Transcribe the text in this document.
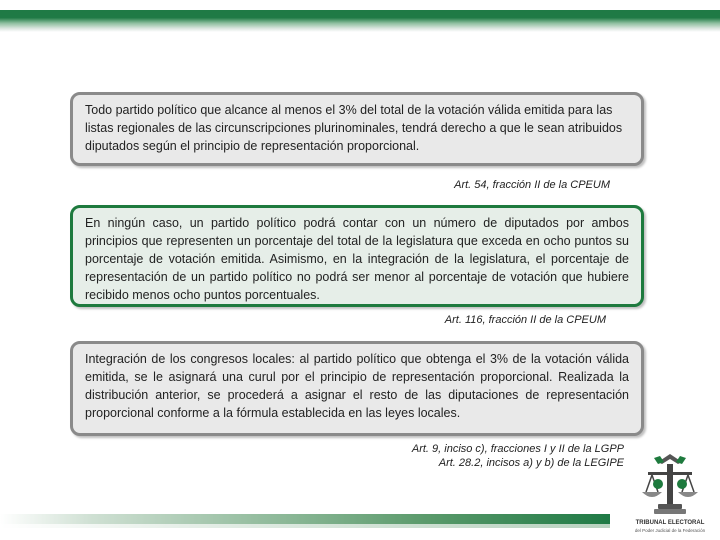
Todo partido político que alcance al menos el 3% del total de la votación válida emitida para las listas regionales de las circunscripciones plurinominales, tendrá derecho a que le sean atribuidos diputados según el principio de representación proporcional.
Art. 54, fracción II de la CPEUM
En ningún caso, un partido político podrá contar con un número de diputados por ambos principios que representen un porcentaje del total de la legislatura que exceda en ocho puntos su porcentaje de votación emitida. Asimismo, en la integración de la legislatura, el porcentaje de representación de un partido político no podrá ser menor al porcentaje de votación que hubiere recibido menos ocho puntos porcentuales.
Art. 116, fracción II de la CPEUM
Integración de los congresos locales: al partido político que obtenga el 3% de la votación válida emitida, se le asignará una curul por el principio de representación proporcional. Realizada la distribución anterior, se procederá a asignar el resto de las diputaciones de representación proporcional conforme a la fórmula establecida en las leyes locales.
Art. 9, inciso c), fracciones I y II de la LGPP
Art. 28.2, incisos a) y b) de la LEGIPE
TRIBUNAL ELECTORAL
del Poder Judicial de la Federación
